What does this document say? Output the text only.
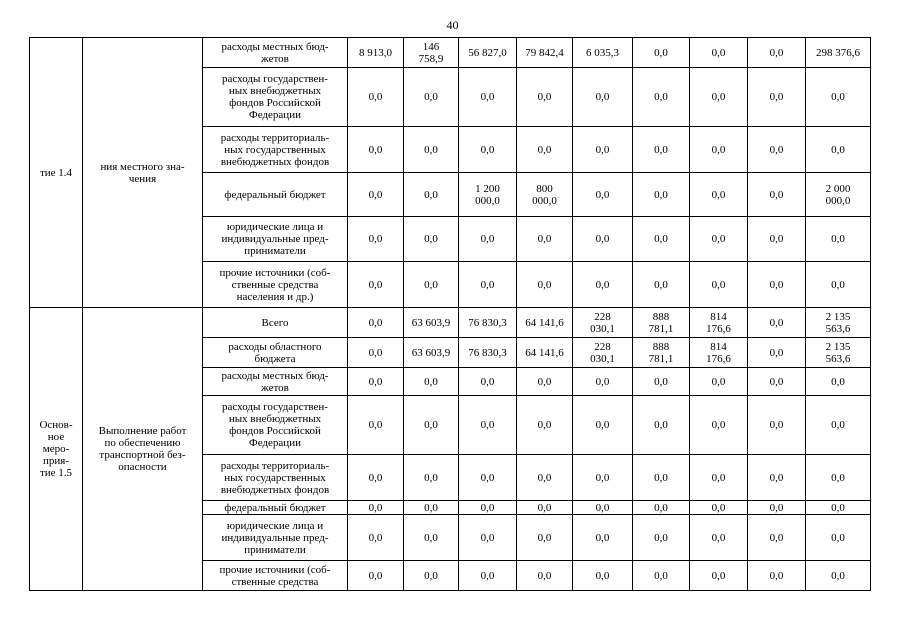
40
тие 1.4	ния местного зна-
чения	расходы местных бюд-
жетов	8 913,0	146
758,9	56 827,0	79 842,4	6 035,3	0,0	0,0	0,0	298 376,6

		расходы государствен-
ных внебюджетных
фондов Российской
Федерации	0,0	0,0	0,0	0,0	0,0	0,0	0,0	0,0	0,0

		расходы территориаль-
ных государственных
внебюджетных фондов	0,0	0,0	0,0	0,0	0,0	0,0	0,0	0,0	0,0

		федеральный бюджет	0,0	0,0	1 200
000,0	800
000,0	0,0	0,0	0,0	0,0	2 000
000,0

		юридические лица и
индивидуальные пред-
приниматели	0,0	0,0	0,0	0,0	0,0	0,0	0,0	0,0	0,0

		прочие источники (соб-
ственные средства
населения и др.)	0,0	0,0	0,0	0,0	0,0	0,0	0,0	0,0	0,0

Основ-
ное
меро-
прия-
тие 1.5	Выполнение работ
по обеспечению
транспортной без-
опасности	Всего	0,0	63 603,9	76 830,3	64 141,6	228
030,1	888
781,1	814
176,6	0,0	2 135
563,6

		расходы областного
бюджета	0,0	63 603,9	76 830,3	64 141,6	228
030,1	888
781,1	814
176,6	0,0	2 135
563,6

		расходы местных бюд-
жетов	0,0	0,0	0,0	0,0	0,0	0,0	0,0	0,0	0,0

		расходы государствен-
ных внебюджетных
фондов Российской
Федерации	0,0	0,0	0,0	0,0	0,0	0,0	0,0	0,0	0,0

		расходы территориаль-
ных государственных
внебюджетных фондов	0,0	0,0	0,0	0,0	0,0	0,0	0,0	0,0	0,0

		федеральный бюджет	0,0	0,0	0,0	0,0	0,0	0,0	0,0	0,0	0,0

		юридические лица и
индивидуальные пред-
приниматели	0,0	0,0	0,0	0,0	0,0	0,0	0,0	0,0	0,0

		прочие источники (соб-
ственные средства	0,0	0,0	0,0	0,0	0,0	0,0	0,0	0,0	0,0
